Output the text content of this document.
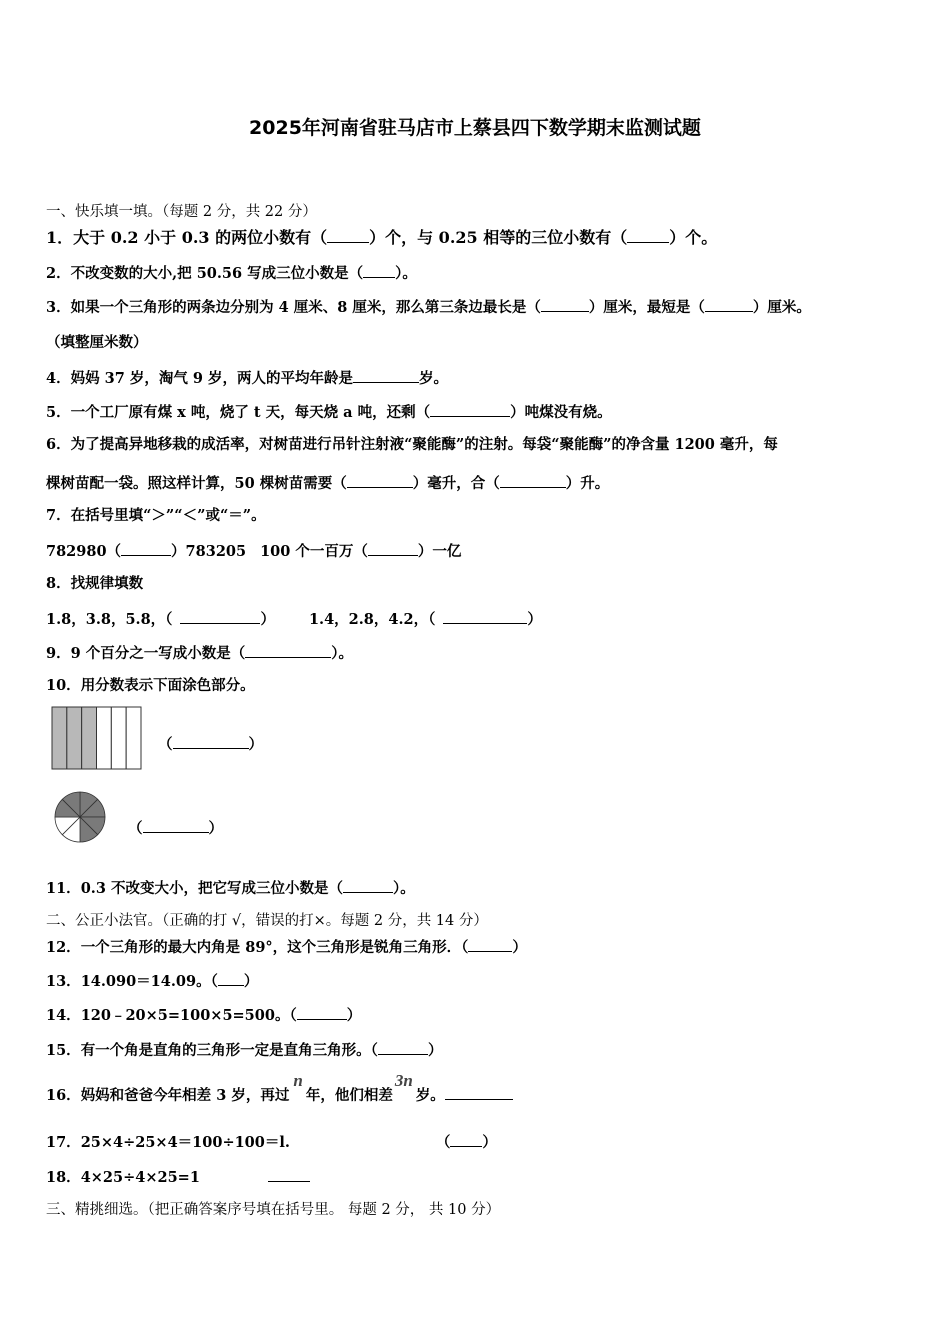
2025年河南省驻马店市上蔡县四下数学期末监测试题
一、快乐填一填。（每题 2 分，共 22 分）
1．大于 0.2 小于 0.3 的两位小数有（	）个，与 0.25 相等的三位小数有（	）个。
2．不改变数的大小,把 50.56 写成三位小数是（ ）。
3．如果一个三角形的两条边分别为 4 厘米、8 厘米，那么第三条边最长是（	）厘米，最短是（	）厘米。
（填整厘米数）
4．妈妈 37 岁，淘气 9 岁，两人的平均年龄是	岁。
5．一个工厂原有煤 x 吨，烧了 t 天，每天烧 a 吨，还剩（	）吨煤没有烧。
6．为了提高异地移栽的成活率，对树苗进行吊针注射液“聚能酶”的注射。每袋“聚能酶”的净含量 1200 毫升，每
棵树苗配一袋。照这样计算，50 棵树苗需要（	）毫升，合（	）升。
7．在括号里填“＞”“＜”或“＝”。
782980（	）783205 100 个一百万（	）一亿
8．找规律填数
1.8，3.8，5.8，（	） 1.4，2.8，4.2，（	）
9．9 个百分之一写成小数是（	）。
10．用分数表示下面涂色部分。
（	）
（	）
11．0.3 不改变大小，把它写成三位小数是（	）。
二、公正小法官。（正确的打 √，错误的打×。每题 2 分，共 14 分）
12．一个三角形的最大内角是 89°，这个三角形是锐角三角形．（	）
13．14.090＝14.09。（ ）
14．120﹣20×5=100×5=500。（	）
15．有一个角是直角的三角形一定是直角三角形。（	）
16．妈妈和爸爸今年相差 3 岁，再过n年，他们相差3n岁。
17．25×4÷25×4＝100÷100＝l.	（ ）
18．4×25÷4×25=1
三、精挑细选。（把正确答案序号填在括号里。 每题 2 分， 共 10 分）
